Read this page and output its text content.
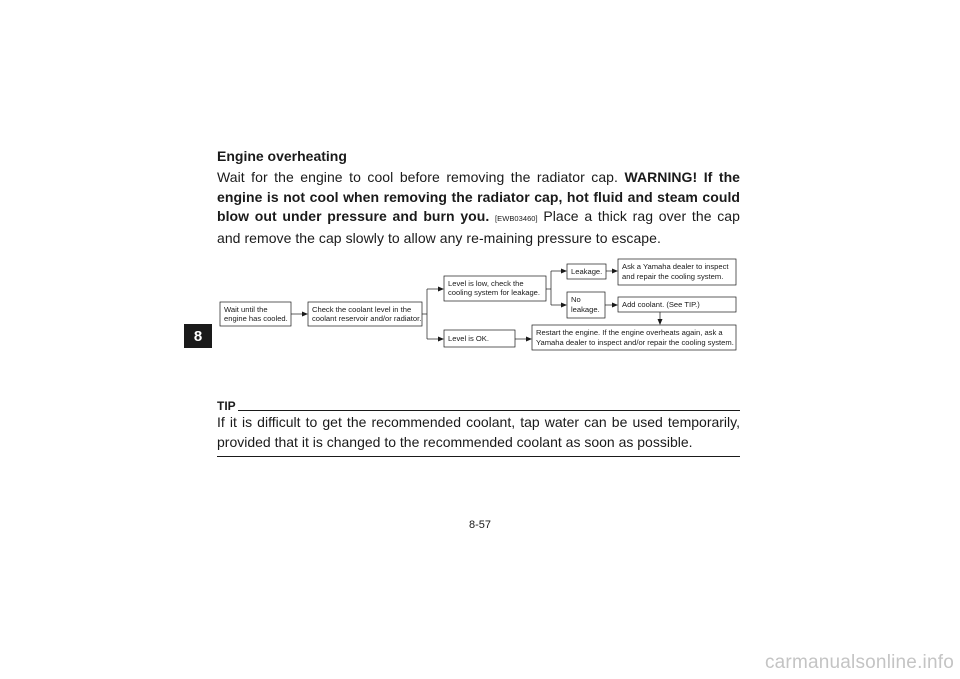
8
Engine overheating

Wait for the engine to cool before removing the radiator cap. WARNING! If the engine is not cool when removing the radiator cap, hot fluid and steam could blow out under pressure and burn you. [EWB03460] Place a thick rag over the cap and remove the cap slowly to allow any re-maining pressure to escape.

Wait until the
engine has cooled.
Check the coolant level in the
coolant reservoir and/or radiator.
Level is low, check the
cooling system for leakage.
Level is OK.
Leakage.
No
leakage.
Ask a Yamaha dealer to inspect
and repair the cooling system.
Add coolant. (See TIP.)
Restart the engine. If the engine overheats again, ask a
Yamaha dealer to inspect and/or repair the cooling system.
TIP

If it is difficult to get the recommended coolant, tap water can be used temporarily, provided that it is changed to the recommended coolant as soon as possible.

8-57
carmanualsonline.info
